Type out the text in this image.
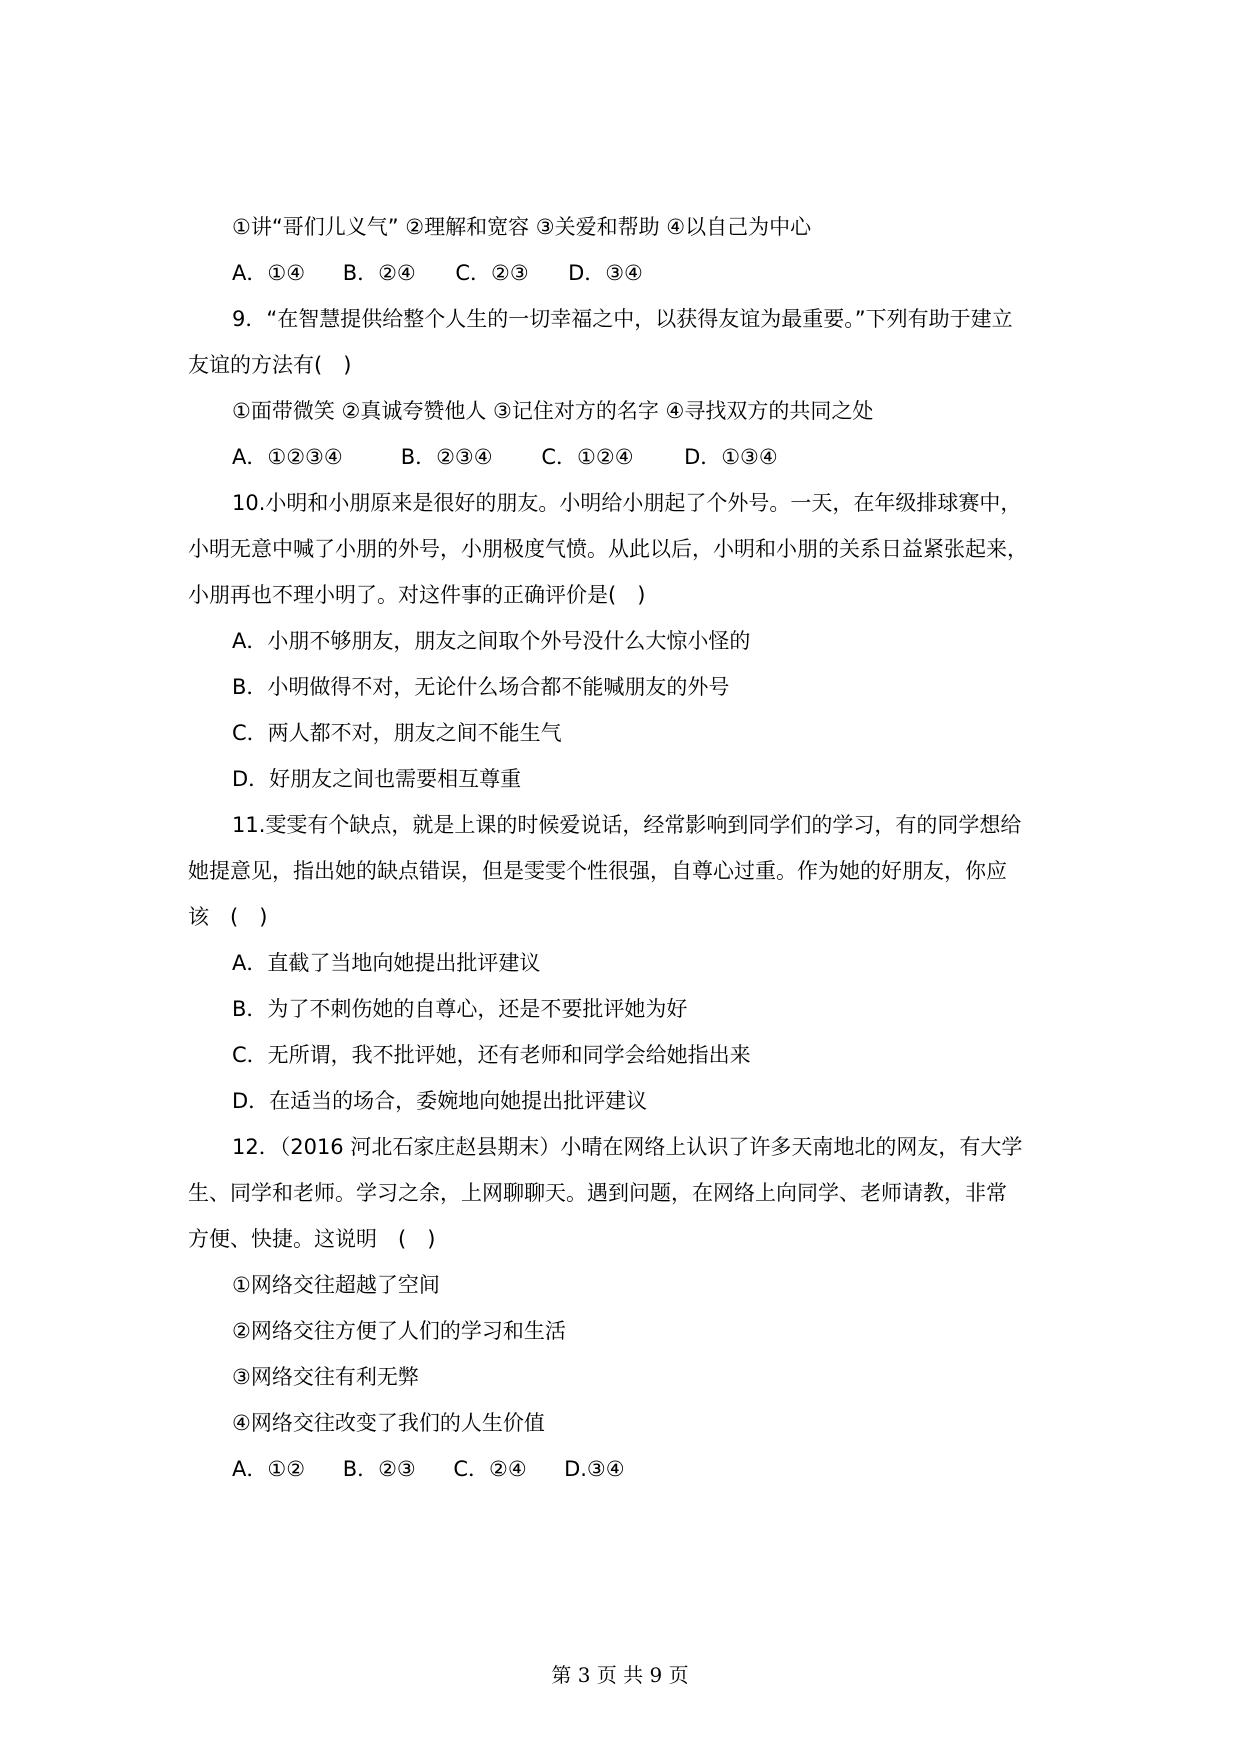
①讲“哥们儿义气” ②理解和宽容 ③关爱和帮助 ④以自己为中心
A．①④ B．②④ C．②③ D．③④
9．“在智慧提供给整个人生的一切幸福之中，以获得友谊为最重要。”下列有助于建立
友谊的方法有(　)
①面带微笑 ②真诚夸赞他人 ③记住对方的名字 ④寻找双方的共同之处
A．①②③④	B．②③④ C．①②④ D．①③④
10.小明和小朋原来是很好的朋友。小明给小朋起了个外号。一天，在年级排球赛中，
小明无意中喊了小朋的外号，小朋极度气愤。从此以后，小明和小朋的关系日益紧张起来，
小朋再也不理小明了。对这件事的正确评价是(　)
A．小朋不够朋友，朋友之间取个外号没什么大惊小怪的
B．小明做得不对，无论什么场合都不能喊朋友的外号
C．两人都不对，朋友之间不能生气
D．好朋友之间也需要相互尊重
11.雯雯有个缺点，就是上课的时候爱说话，经常影响到同学们的学习，有的同学想给
她提意见，指出她的缺点错误，但是雯雯个性很强，自尊心过重。作为她的好朋友，你应
该　(　)
A．直截了当地向她提出批评建议
B．为了不刺伤她的自尊心，还是不要批评她为好
C．无所谓，我不批评她，还有老师和同学会给她指出来
D．在适当的场合，委婉地向她提出批评建议
12．（2016 河北石家庄赵县期末）小晴在网络上认识了许多天南地北的网友，有大学
生、同学和老师。学习之余，上网聊聊天。遇到问题，在网络上向同学、老师请教，非常
方便、快捷。这说明　(　)
①网络交往超越了空间
②网络交往方便了人们的学习和生活
③网络交往有利无弊
④网络交往改变了我们的人生价值
A．①② B．②③ C．②④ D.③④
第 3 页 共 9 页
